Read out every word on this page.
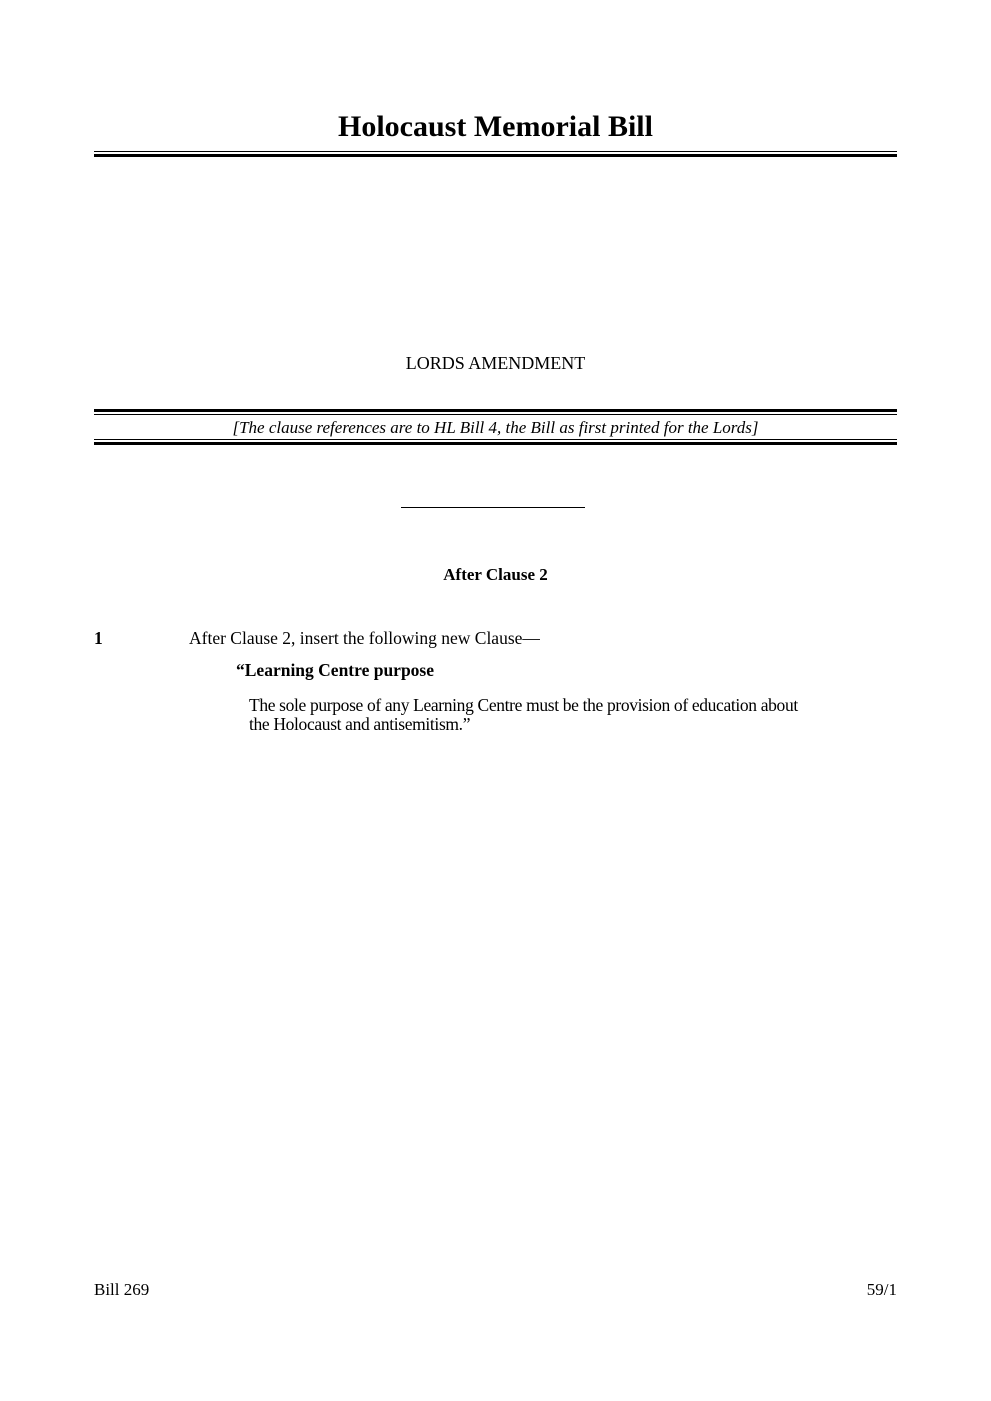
Holocaust Memorial Bill
LORDS AMENDMENT
[The clause references are to HL Bill 4, the Bill as first printed for the Lords]
After Clause 2
1	After Clause 2, insert the following new Clause—
“Learning Centre purpose
The sole purpose of any Learning Centre must be the provision of education about
the Holocaust and antisemitism.”
Bill 269	59/1
